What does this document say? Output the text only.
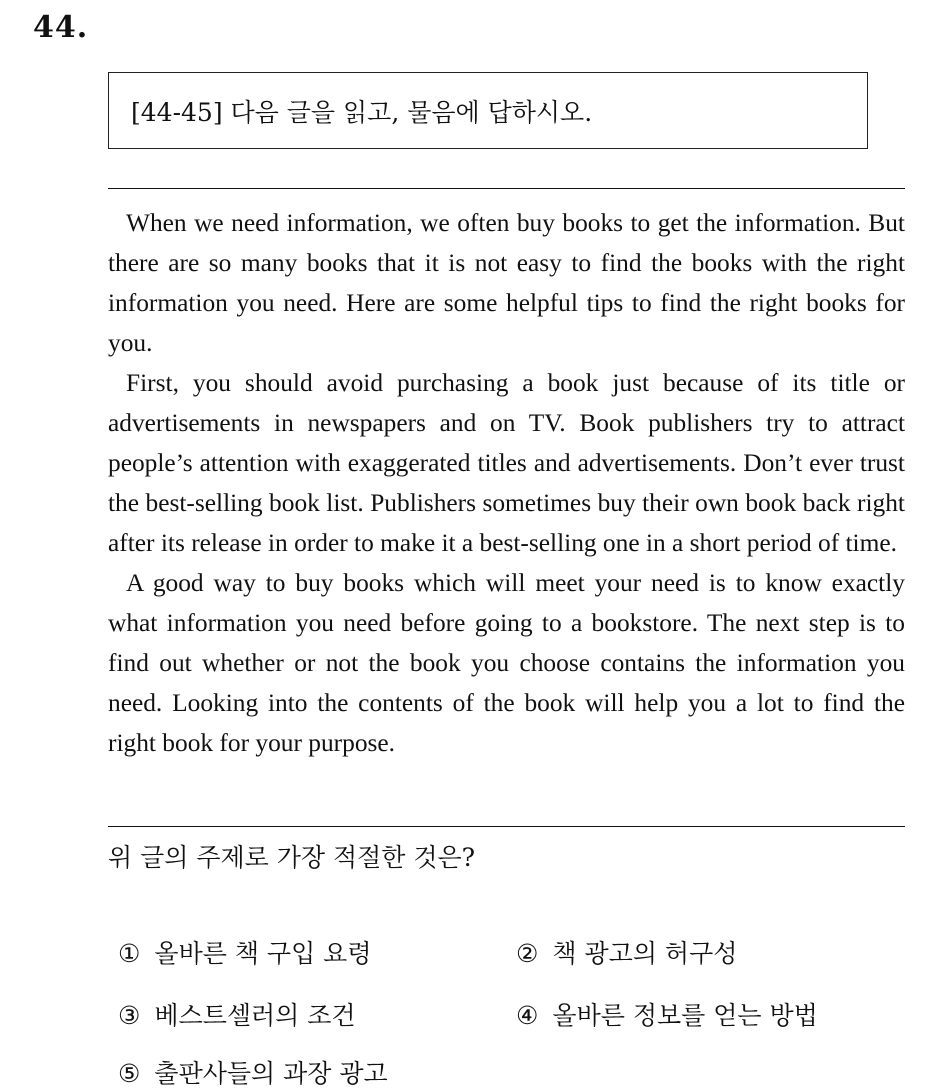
44.
[44-45] 다음 글을 읽고, 물음에 답하시오.

When we need information, we often buy books to get the information. But there are so many books that it is not easy to find the books with the right information you need. Here are some helpful tips to find the right books for you.

First, you should avoid purchasing a book just because of its title or advertisements in newspapers and on TV. Book publishers try to attract people’s attention with exaggerated titles and advertisements. Don’t ever trust the best-selling book list. Publishers sometimes buy their own book back right after its release in order to make it a best-selling one in a short period of time.

A good way to buy books which will meet your need is to know exactly what information you need before going to a bookstore. The next step is to find out whether or not the book you choose contains the information you need. Looking into the contents of the book will help you a lot to find the right book for your purpose.

위 글의 주제로 가장 적절한 것은?
① 올바른 책 구입 요령	② 책 광고의 허구성
③ 베스트셀러의 조건	④ 올바른 정보를 얻는 방법
⑤ 출판사들의 과장 광고
